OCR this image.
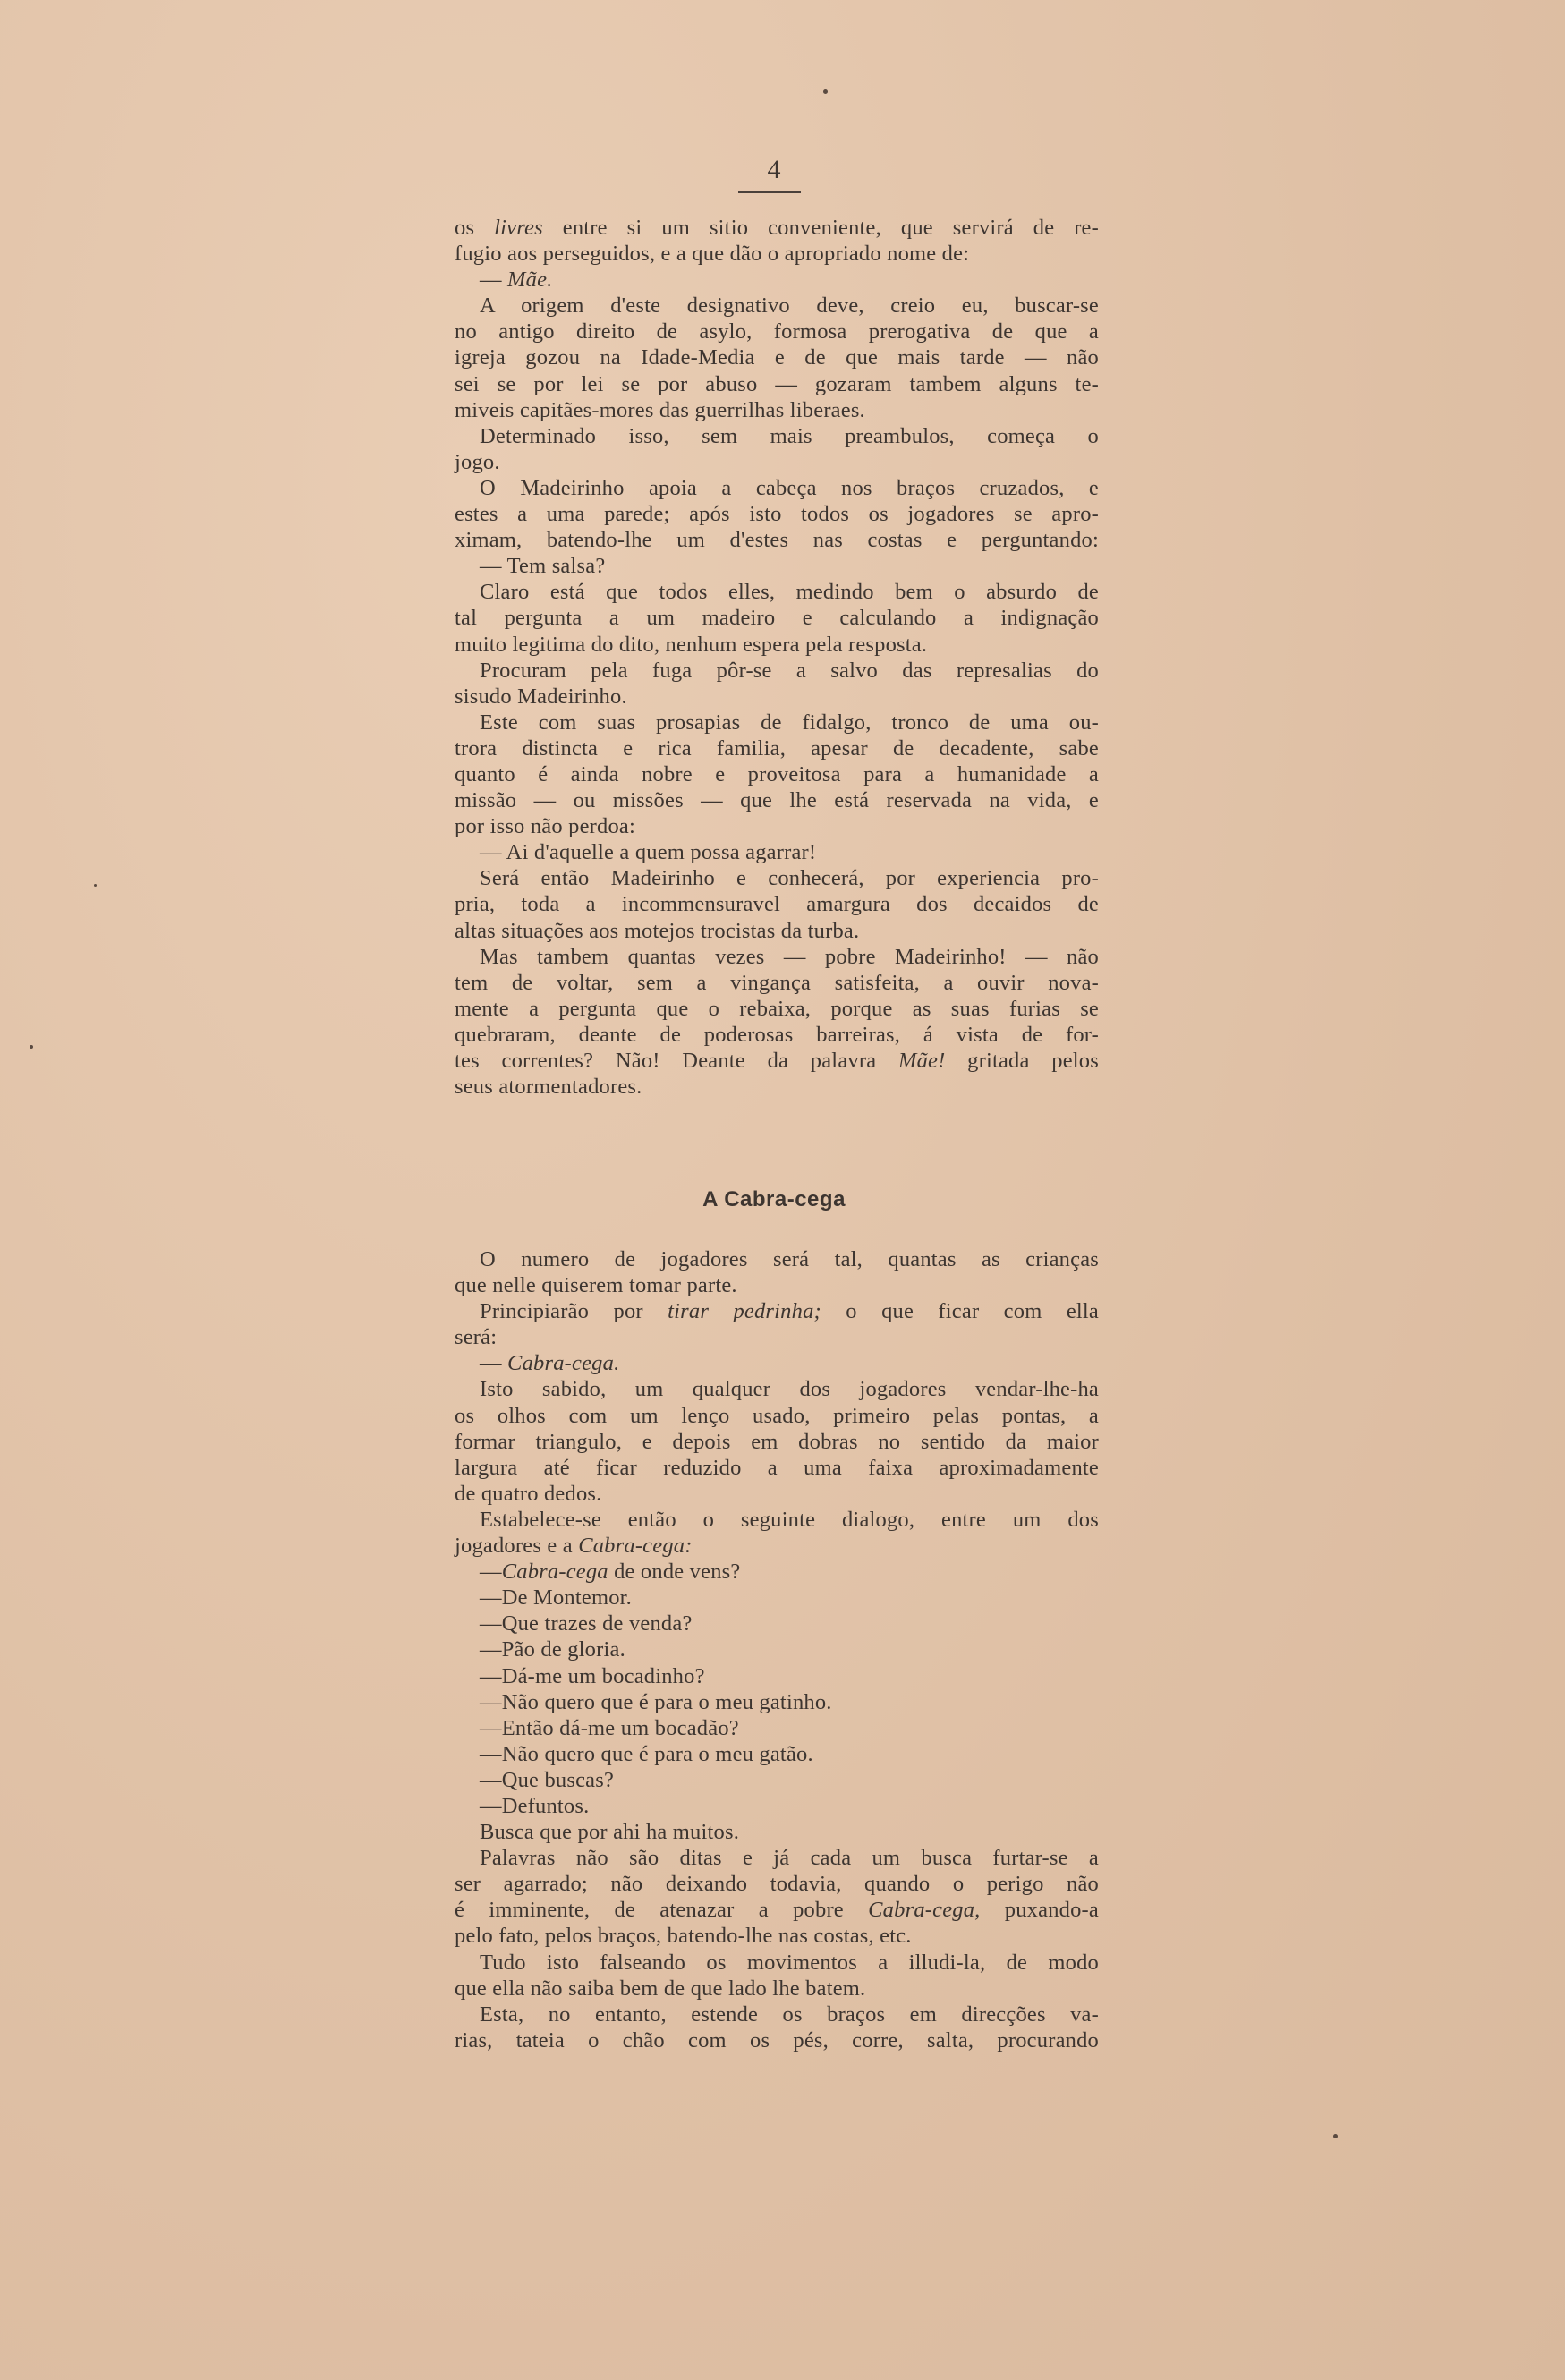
4
os livres entre si um sitio conveniente, que servirá de re-
fugio aos perseguidos, e a que dão o apropriado nome de:
— Mãe.
A origem d'este designativo deve, creio eu, buscar-se
no antigo direito de asylo, formosa prerogativa de que a
igreja gozou na Idade-Media e de que mais tarde — não
sei se por lei se por abuso — gozaram tambem alguns te-
miveis capitães-mores das guerrilhas liberaes.
Determinado isso, sem mais preambulos, começa o
jogo.
O Madeirinho apoia a cabeça nos braços cruzados, e
estes a uma parede; após isto todos os jogadores se apro-
ximam, batendo-lhe um d'estes nas costas e perguntando:
— Tem salsa?
Claro está que todos elles, medindo bem o absurdo de
tal pergunta a um madeiro e calculando a indignação
muito legitima do dito, nenhum espera pela resposta.
Procuram pela fuga pôr-se a salvo das represalias do
sisudo Madeirinho.
Este com suas prosapias de fidalgo, tronco de uma ou-
trora distincta e rica familia, apesar de decadente, sabe
quanto é ainda nobre e proveitosa para a humanidade a
missão — ou missões — que lhe está reservada na vida, e
por isso não perdoa:
— Ai d'aquelle a quem possa agarrar!
Será então Madeirinho e conhecerá, por experiencia pro-
pria, toda a incommensuravel amargura dos decaidos de
altas situações aos motejos trocistas da turba.
Mas tambem quantas vezes — pobre Madeirinho! — não
tem de voltar, sem a vingança satisfeita, a ouvir nova-
mente a pergunta que o rebaixa, porque as suas furias se
quebraram, deante de poderosas barreiras, á vista de for-
tes correntes? Não! Deante da palavra Mãe! gritada pelos
seus atormentadores.
A Cabra-cega
O numero de jogadores será tal, quantas as crianças
que nelle quiserem tomar parte.
Principiarão por tirar pedrinha; o que ficar com ella
será:
— Cabra-cega.
Isto sabido, um qualquer dos jogadores vendar-lhe-ha
os olhos com um lenço usado, primeiro pelas pontas, a
formar triangulo, e depois em dobras no sentido da maior
largura até ficar reduzido a uma faixa aproximadamente
de quatro dedos.
Estabelece-se então o seguinte dialogo, entre um dos
jogadores e a Cabra-cega:
—Cabra-cega de onde vens?
—De Montemor.
—Que trazes de venda?
—Pão de gloria.
—Dá-me um bocadinho?
—Não quero que é para o meu gatinho.
—Então dá-me um bocadão?
—Não quero que é para o meu gatão.
—Que buscas?
—Defuntos.
Busca que por ahi ha muitos.
Palavras não são ditas e já cada um busca furtar-se a
ser agarrado; não deixando todavia, quando o perigo não
é imminente, de atenazar a pobre Cabra-cega, puxando-a
pelo fato, pelos braços, batendo-lhe nas costas, etc.
Tudo isto falseando os movimentos a illudi-la, de modo
que ella não saiba bem de que lado lhe batem.
Esta, no entanto, estende os braços em direcções va-
rias, tateia o chão com os pés, corre, salta, procurando
